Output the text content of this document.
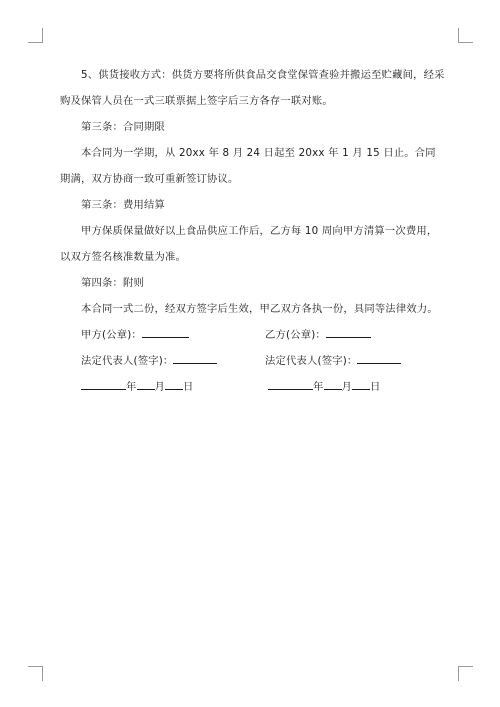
5、供货接收方式：供货方要将所供食品交食堂保管查验并搬运至贮藏间，经采购及保管人员在一式三联票据上签字后三方各存一联对账。

第三条：合同期限

本合同为一学期，从 20xx 年 8 月 24 日起至 20xx 年 1 月 15 日止。合同期满，双方协商一致可重新签订协议。

第三条：费用结算

甲方保质保量做好以上食品供应工作后，乙方每 10 周向甲方清算一次费用，以双方签名核准数量为准。

第四条：附则

本合同一式二份，经双方签字后生效，甲乙双方各执一份，具同等法律效力。

甲方(公章)：	乙方(公章)：
法定代表人(签字)：	法定代表人(签字)：
年 月 日	年 月 日
